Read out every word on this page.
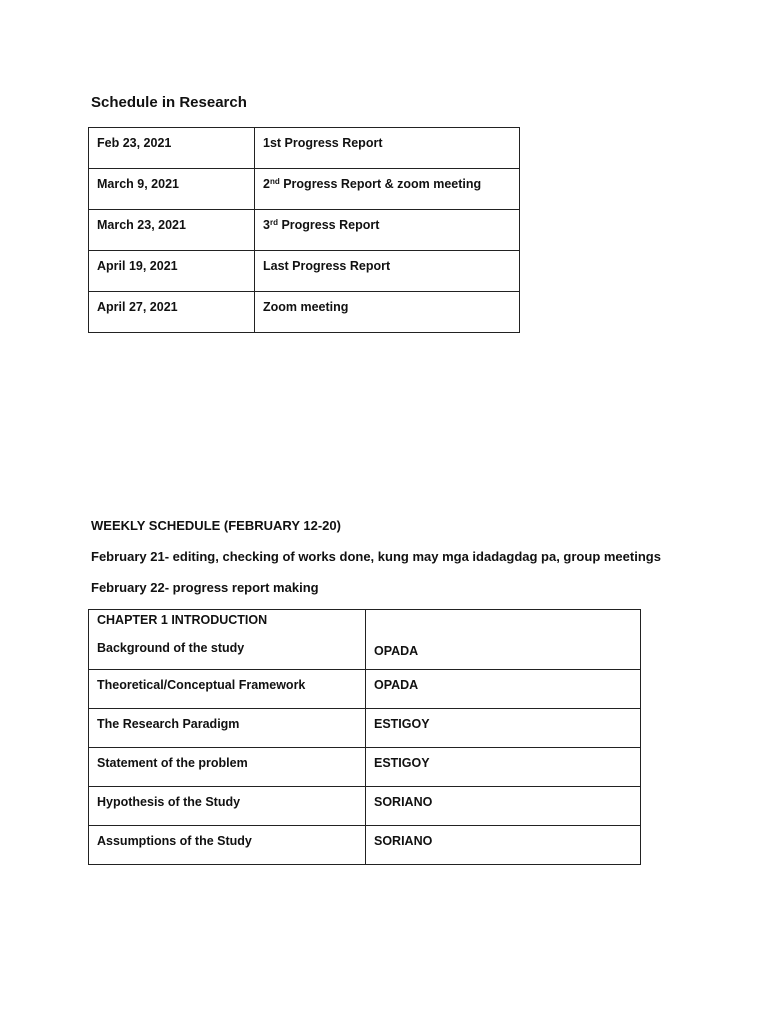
Schedule in Research
Feb 23, 2021	1st Progress Report
March 9, 2021	2nd Progress Report & zoom meeting
March 23, 2021	3rd Progress Report
April 19, 2021	Last Progress Report
April 27, 2021	Zoom meeting

WEEKLY SCHEDULE (FEBRUARY 12-20)

February 21- editing, checking of works done, kung may mga idadagdag pa, group meetings

February 22- progress report making

CHAPTER 1 INTRODUCTION
Background of the study	OPADA
Theoretical/Conceptual Framework	OPADA
The Research Paradigm	ESTIGOY
Statement of the problem	ESTIGOY
Hypothesis of the Study	SORIANO
Assumptions of the Study	SORIANO
